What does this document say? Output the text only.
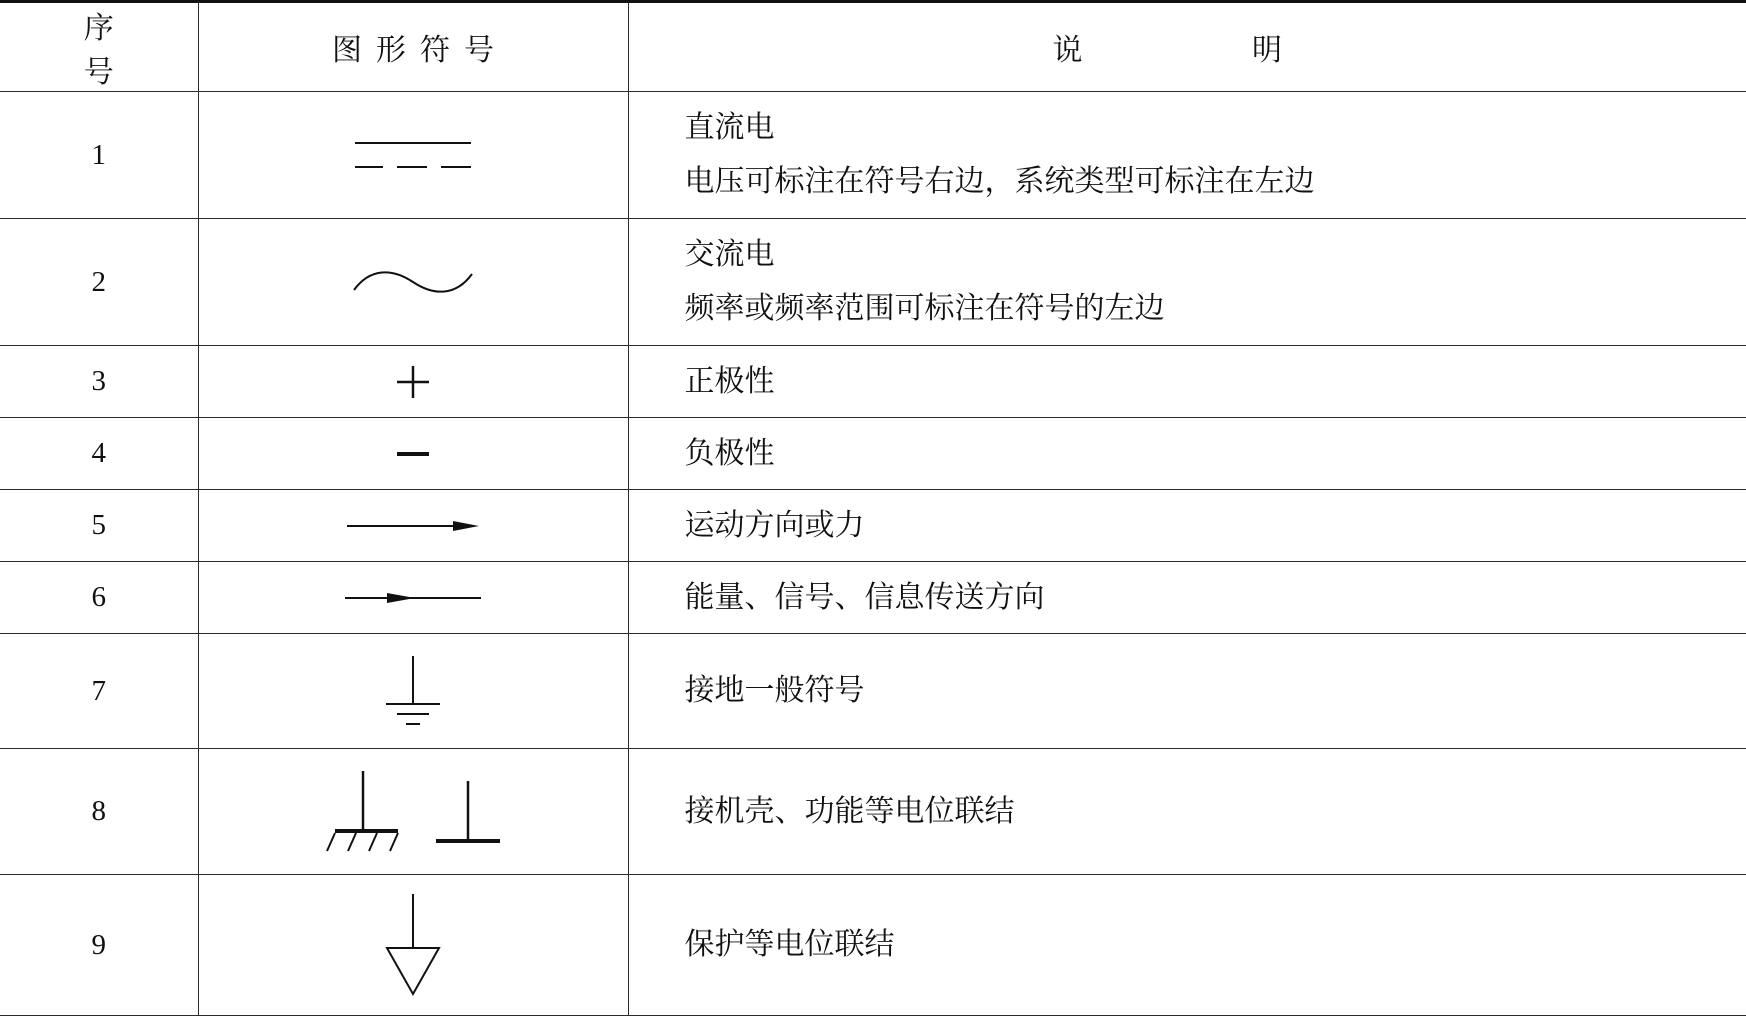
序 号	图形符号	说 明
1		直流电
电压可标注在符号右边，系统类型可标注在左边

2		交流电
频率或频率范围可标注在符号的左边

3		正极性

4		负极性

5		运动方向或力

6		能量、信号、信息传送方向

7		接地一般符号

8		接机壳、功能等电位联结

9		保护等电位联结
